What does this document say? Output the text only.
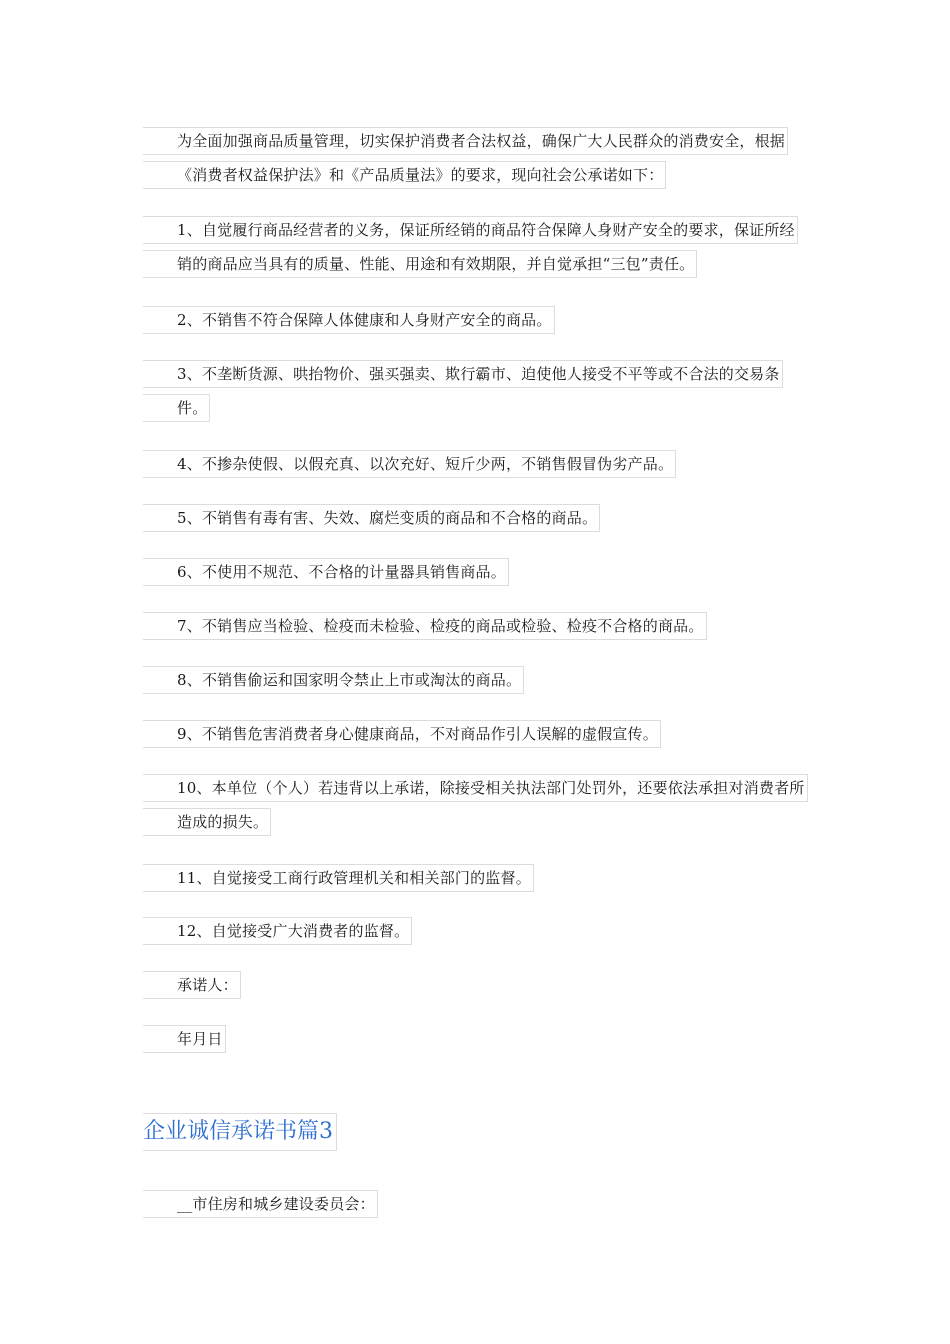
为全面加强商品质量管理，切实保护消费者合法权益，确保广大人民群众的消费安全，根据《消费者权益保护法》和《产品质量法》的要求，现向社会公承诺如下：
1、自觉履行商品经营者的义务，保证所经销的商品符合保障人身财产安全的要求，保证所经销的商品应当具有的质量、性能、用途和有效期限，并自觉承担“三包”责任。
2、不销售不符合保障人体健康和人身财产安全的商品。
3、不垄断货源、哄抬物价、强买强卖、欺行霸市、迫使他人接受不平等或不合法的交易条件。
4、不掺杂使假、以假充真、以次充好、短斤少两，不销售假冒伪劣产品。
5、不销售有毒有害、失效、腐烂变质的商品和不合格的商品。
6、不使用不规范、不合格的计量器具销售商品。
7、不销售应当检验、检疫而未检验、检疫的商品或检验、检疫不合格的商品。
8、不销售偷运和国家明令禁止上市或淘汰的商品。
9、不销售危害消费者身心健康商品，不对商品作引人误解的虚假宣传。
10、本单位（个人）若违背以上承诺，除接受相关执法部门处罚外，还要依法承担对消费者所造成的损失。
11、自觉接受工商行政管理机关和相关部门的监督。
12、自觉接受广大消费者的监督。
承诺人：
年月日
企业诚信承诺书篇3
__市住房和城乡建设委员会：
